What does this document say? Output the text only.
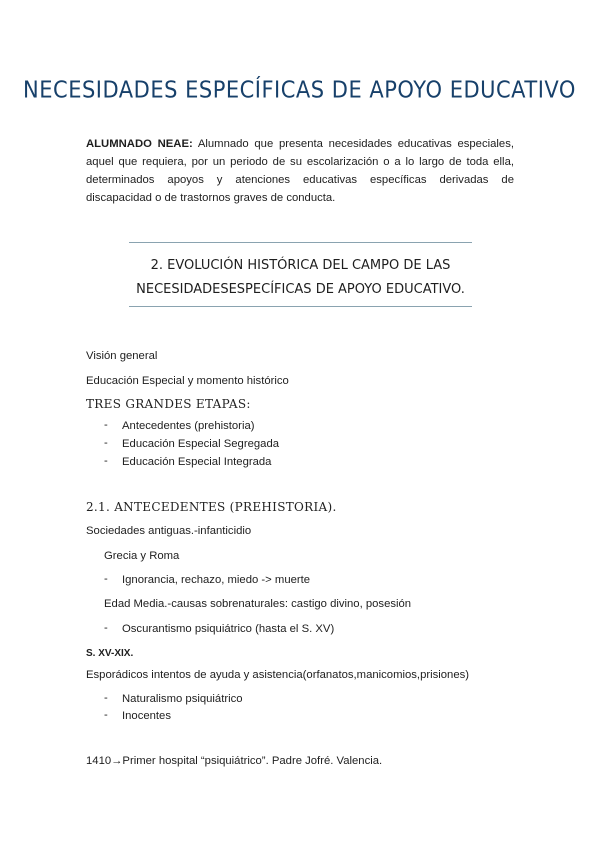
NECESIDADES ESPECÍFICAS DE APOYO EDUCATIVO

ALUMNADO NEAE: Alumnado que presenta necesidades educativas especiales, aquel que requiera, por un periodo de su escolarización o a lo largo de toda ella, determinados apoyos y atenciones educativas específicas derivadas de discapacidad o de trastornos graves de conducta.

2. EVOLUCIÓN HISTÓRICA DEL CAMPO DE LAS
NECESIDADESESPECÍFICAS DE APOYO EDUCATIVO.

Visión general

Educación Especial y momento histórico

TRES GRANDES ETAPAS:

- Antecedentes (prehistoria)

- Educación Especial Segregada

- Educación Especial Integrada

2.1. ANTECEDENTES (PREHISTORIA).

Sociedades antiguas.-infanticidio

Grecia y Roma

- Ignorancia, rechazo, miedo -> muerte

Edad Media.-causas sobrenaturales: castigo divino, posesión

- Oscurantismo psiquiátrico (hasta el S. XV)

S. XV-XIX.

Esporádicos intentos de ayuda y asistencia(orfanatos,manicomios,prisiones)

- Naturalismo psiquiátrico

- Inocentes

1410→Primer hospital “psiquiátrico”. Padre Jofré. Valencia.
